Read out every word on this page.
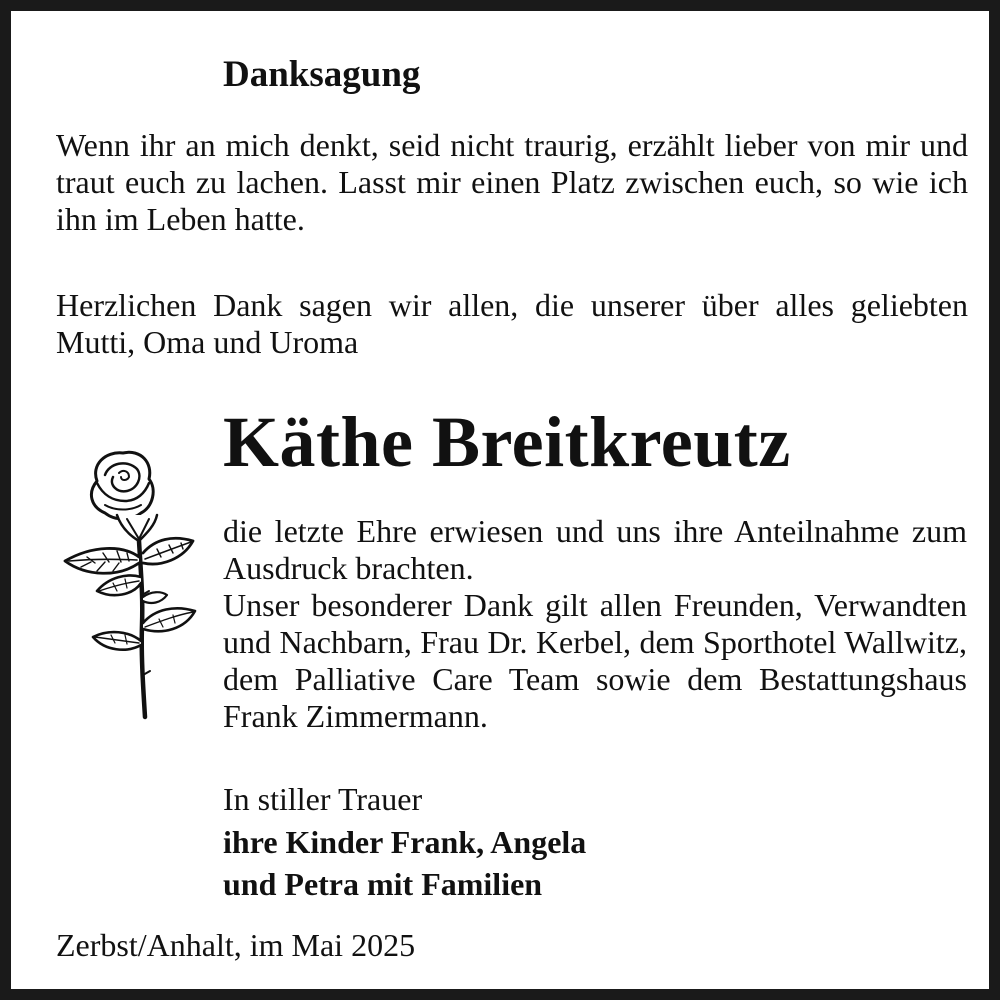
Danksagung

Wenn ihr an mich denkt, seid nicht traurig, erzählt lieber von mir und traut euch zu lachen. Lasst mir einen Platz zwischen euch, so wie ich ihn im Leben hatte.

Herzlichen Dank sagen wir allen, die unserer über alles geliebten Mutti, Oma und Uroma

Käthe Breitkreutz

die letzte Ehre erwiesen und uns ihre Anteilnahme zum Ausdruck brachten.

Unser besonderer Dank gilt allen Freunden, Verwandten und Nachbarn, Frau Dr. Kerbel, dem Sporthotel Wallwitz, dem Palliative Care Team sowie dem Bestattungshaus Frank Zimmermann.

In stiller Trauer

ihre Kinder Frank, Angela
und Petra mit Familien

Zerbst/Anhalt, im Mai 2025
